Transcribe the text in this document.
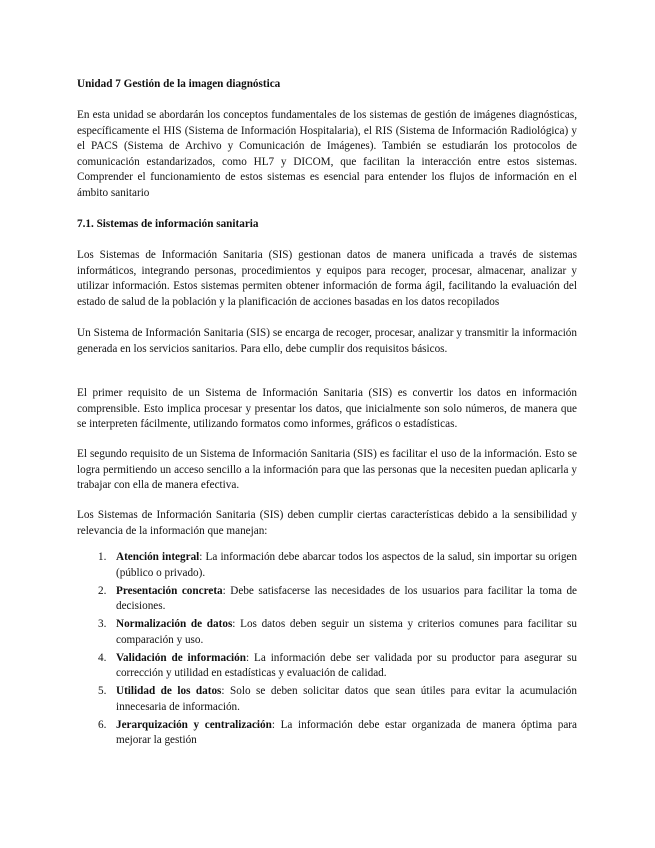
Unidad 7 Gestión de la imagen diagnóstica

En esta unidad se abordarán los conceptos fundamentales de los sistemas de gestión de imágenes diagnósticas, específicamente el HIS (Sistema de Información Hospitalaria), el RIS (Sistema de Información Radiológica) y el PACS (Sistema de Archivo y Comunicación de Imágenes). También se estudiarán los protocolos de comunicación estandarizados, como HL7 y DICOM, que facilitan la interacción entre estos sistemas. Comprender el funcionamiento de estos sistemas es esencial para entender los flujos de información en el ámbito sanitario

7.1. Sistemas de información sanitaria

Los Sistemas de Información Sanitaria (SIS) gestionan datos de manera unificada a través de sistemas informáticos, integrando personas, procedimientos y equipos para recoger, procesar, almacenar, analizar y utilizar información. Estos sistemas permiten obtener información de forma ágil, facilitando la evaluación del estado de salud de la población y la planificación de acciones basadas en los datos recopilados

Un Sistema de Información Sanitaria (SIS) se encarga de recoger, procesar, analizar y transmitir la información generada en los servicios sanitarios. Para ello, debe cumplir dos requisitos básicos.

El primer requisito de un Sistema de Información Sanitaria (SIS) es convertir los datos en información comprensible. Esto implica procesar y presentar los datos, que inicialmente son solo números, de manera que se interpreten fácilmente, utilizando formatos como informes, gráficos o estadísticas.

El segundo requisito de un Sistema de Información Sanitaria (SIS) es facilitar el uso de la información. Esto se logra permitiendo un acceso sencillo a la información para que las personas que la necesiten puedan aplicarla y trabajar con ella de manera efectiva.

Los Sistemas de Información Sanitaria (SIS) deben cumplir ciertas características debido a la sensibilidad y relevancia de la información que manejan:

1. Atención integral: La información debe abarcar todos los aspectos de la salud, sin importar su origen (público o privado).
2. Presentación concreta: Debe satisfacerse las necesidades de los usuarios para facilitar la toma de decisiones.
3. Normalización de datos: Los datos deben seguir un sistema y criterios comunes para facilitar su comparación y uso.
4. Validación de información: La información debe ser validada por su productor para asegurar su corrección y utilidad en estadísticas y evaluación de calidad.
5. Utilidad de los datos: Solo se deben solicitar datos que sean útiles para evitar la acumulación innecesaria de información.
6. Jerarquización y centralización: La información debe estar organizada de manera óptima para mejorar la gestión
